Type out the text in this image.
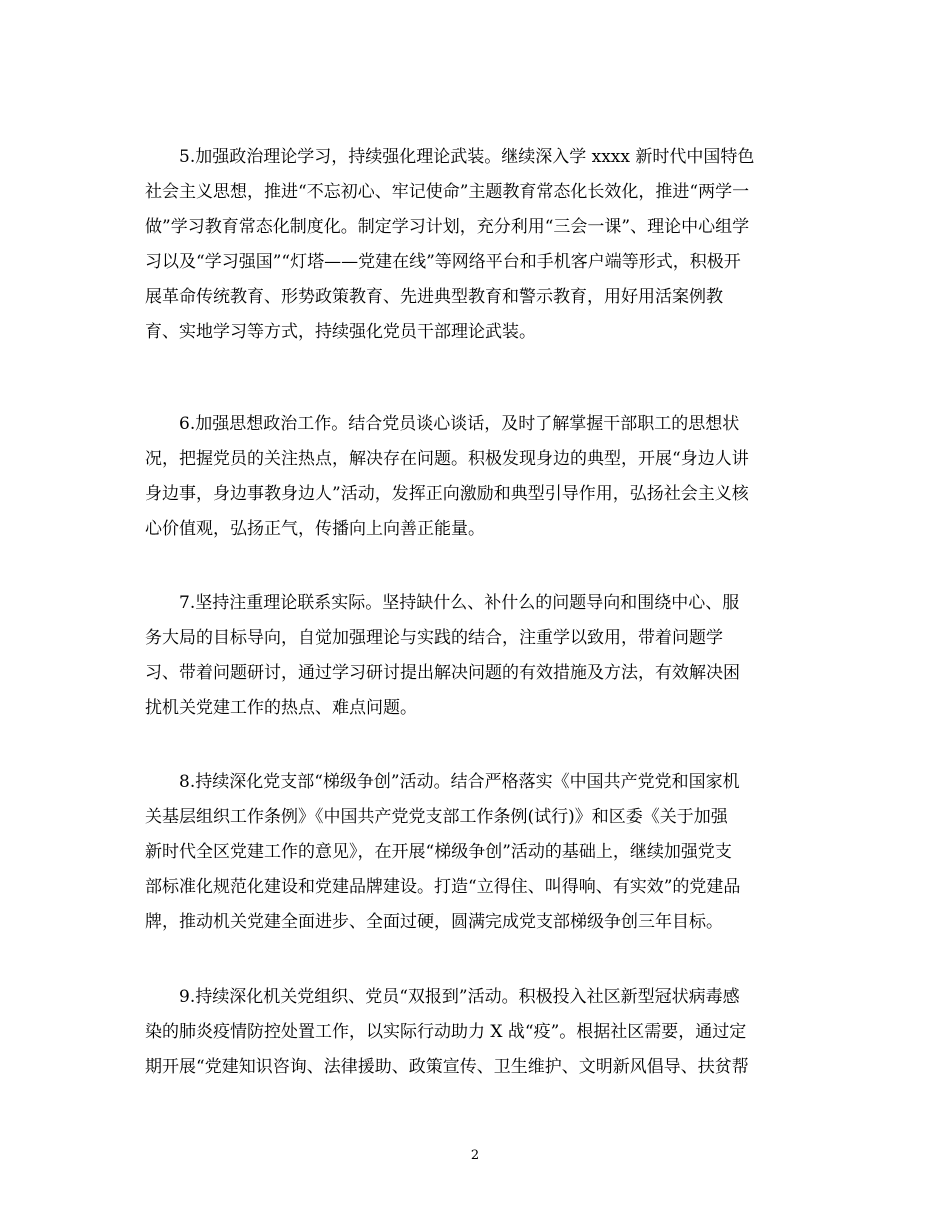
5.加强政治理论学习，持续强化理论武装。继续深入学 xxxx 新时代中国特色
社会主义思想，推进“不忘初心、牢记使命”主题教育常态化长效化，推进“两学一
做”学习教育常态化制度化。制定学习计划，充分利用“三会一课”、理论中心组学
习以及“学习强国”“灯塔——党建在线”等网络平台和手机客户端等形式，积极开
展革命传统教育、形势政策教育、先进典型教育和警示教育，用好用活案例教
育、实地学习等方式，持续强化党员干部理论武装。
6.加强思想政治工作。结合党员谈心谈话，及时了解掌握干部职工的思想状
况，把握党员的关注热点，解决存在问题。积极发现身边的典型，开展“身边人讲
身边事，身边事教身边人”活动，发挥正向激励和典型引导作用，弘扬社会主义核
心价值观，弘扬正气，传播向上向善正能量。
7.坚持注重理论联系实际。坚持缺什么、补什么的问题导向和围绕中心、服
务大局的目标导向，自觉加强理论与实践的结合，注重学以致用，带着问题学
习、带着问题研讨，通过学习研讨提出解决问题的有效措施及方法，有效解决困
扰机关党建工作的热点、难点问题。
8.持续深化党支部“梯级争创”活动。结合严格落实《中国共产党党和国家机
关基层组织工作条例》《中国共产党党支部工作条例(试行)》和区委《关于加强
新时代全区党建工作的意见》，在开展“梯级争创”活动的基础上，继续加强党支
部标准化规范化建设和党建品牌建设。打造“立得住、叫得响、有实效”的党建品
牌，推动机关党建全面进步、全面过硬，圆满完成党支部梯级争创三年目标。
9.持续深化机关党组织、党员“双报到”活动。积极投入社区新型冠状病毒感
染的肺炎疫情防控处置工作，以实际行动助力 X 战“疫”。根据社区需要，通过定
期开展“党建知识咨询、法律援助、政策宣传、卫生维护、文明新风倡导、扶贫帮
2
